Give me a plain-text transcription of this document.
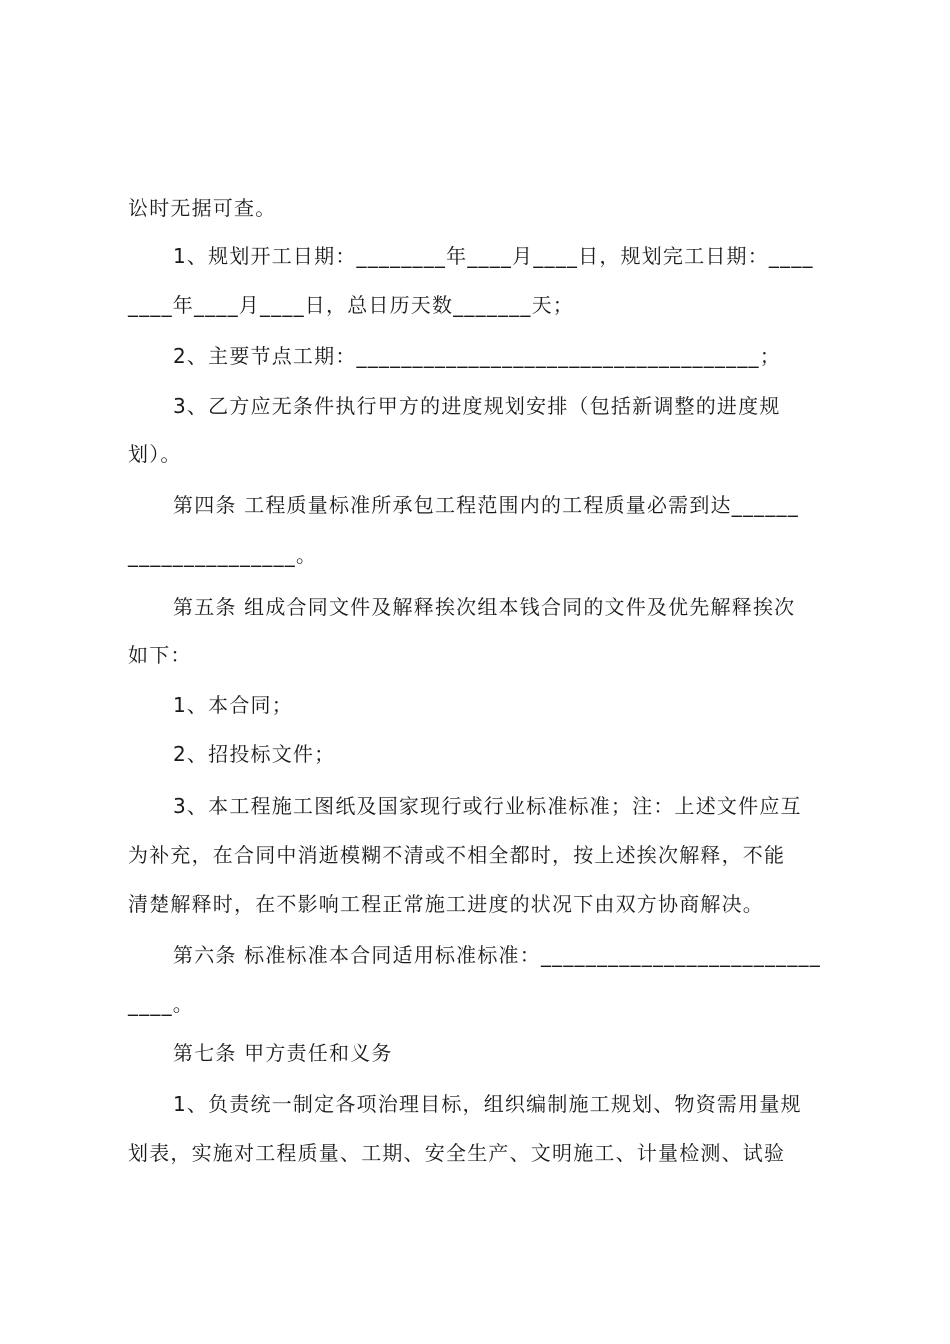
讼时无据可查。
1、规划开工日期：________年____月____日，规划完工日期：____
____年____月____日，总日历天数_______天；
2、主要节点工期：____________________________________；
3、乙方应无条件执行甲方的进度规划安排（包括新调整的进度规
划）。
第四条 工程质量标准所承包工程范围内的工程质量必需到达______
_______________。
第五条 组成合同文件及解释挨次组本钱合同的文件及优先解释挨次
如下：
1、本合同；
2、招投标文件；
3、本工程施工图纸及国家现行或行业标准标准；注：上述文件应互
为补充，在合同中消逝模糊不清或不相全都时，按上述挨次解释，不能
清楚解释时，在不影响工程正常施工进度的状况下由双方协商解决。
第六条 标准标准本合同适用标准标准：_________________________
____。
第七条 甲方责任和义务
1、负责统一制定各项治理目标，组织编制施工规划、物资需用量规
划表，实施对工程质量、工期、安全生产、文明施工、计量检测、试验
